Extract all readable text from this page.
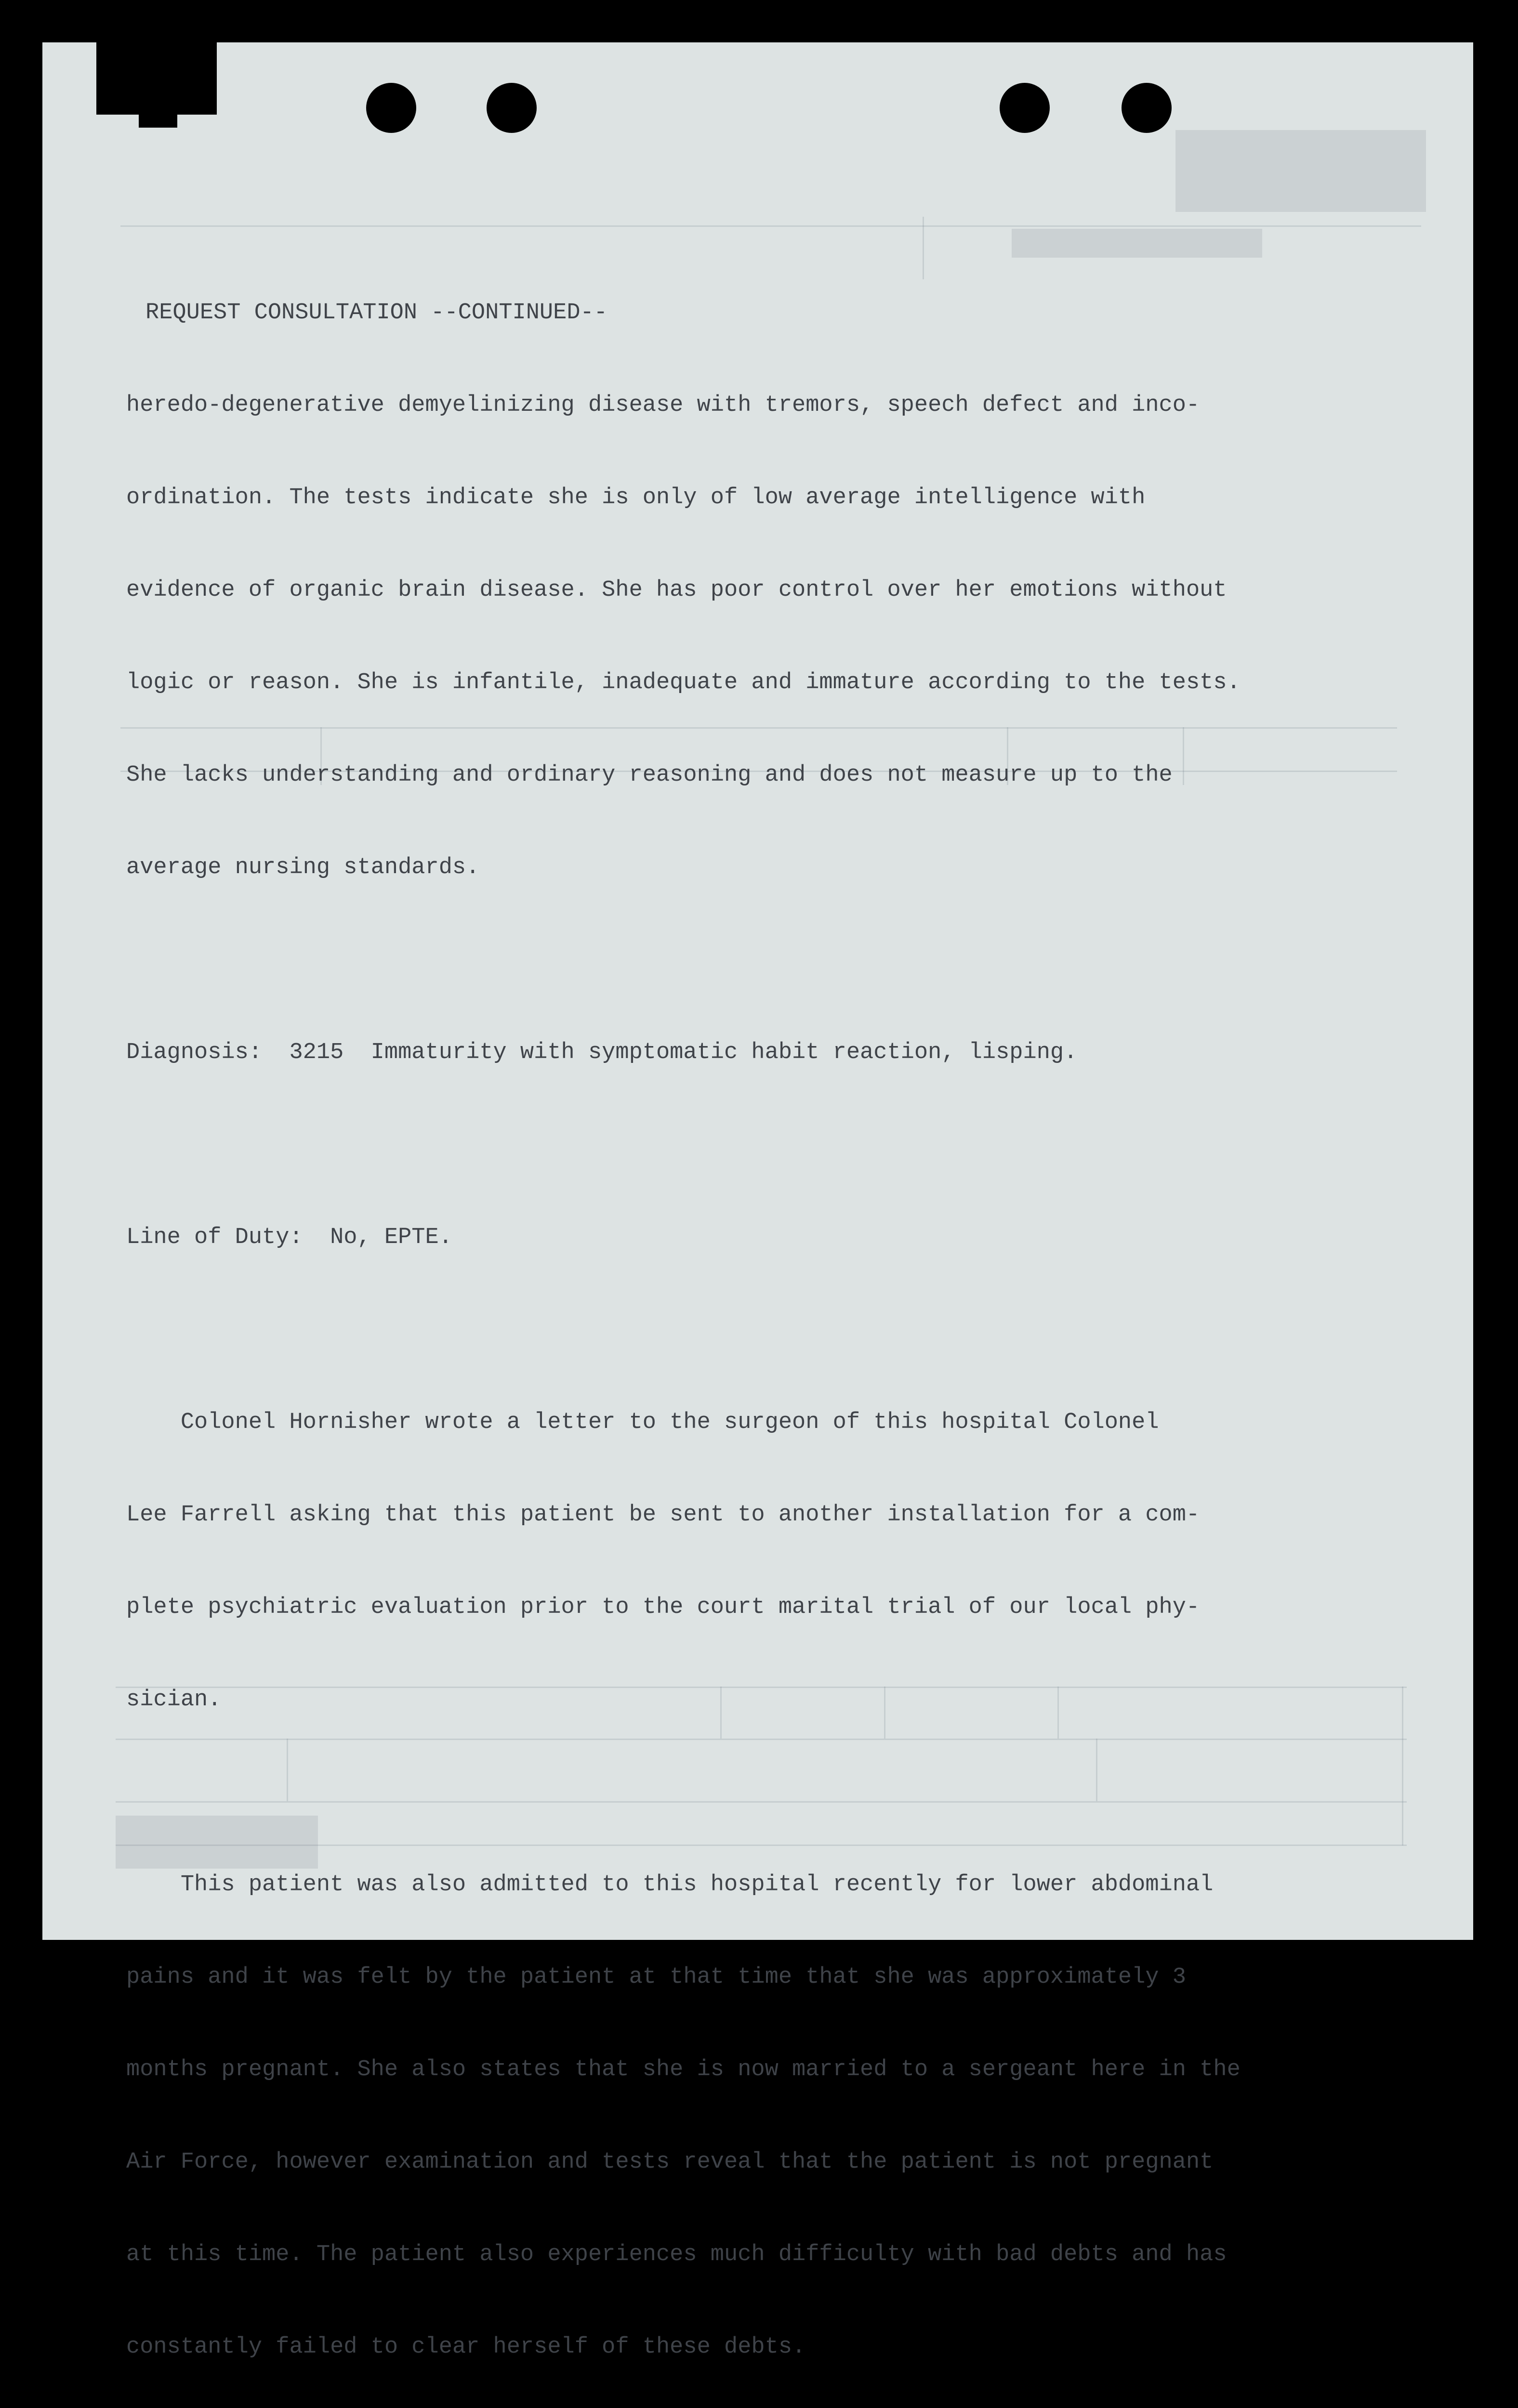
REQUEST CONSULTATION --CONTINUED--

heredo-degenerative demyelinizing disease with tremors, speech defect and inco-

ordination. The tests indicate she is only of low average intelligence with

evidence of organic brain disease. She has poor control over her emotions without

logic or reason. She is infantile, inadequate and immature according to the tests.

She lacks understanding and ordinary reasoning and does not measure up to the

average nursing standards.

Diagnosis:  3215  Immaturity with symptomatic habit reaction, lisping.

Line of Duty:  No, EPTE.

Colonel Hornisher wrote a letter to the surgeon of this hospital Colonel

Lee Farrell asking that this patient be sent to another installation for a com-

plete psychiatric evaluation prior to the court marital trial of our local phy-

sician.

This patient was also admitted to this hospital recently for lower abdominal

pains and it was felt by the patient at that time that she was approximately 3

months pregnant. She also states that she is now married to a sergeant here in the

Air Force, however examination and tests reveal that the patient is not pregnant

at this time. The patient also experiences much difficulty with bad debts and has

constantly failed to clear herself of these debts.
